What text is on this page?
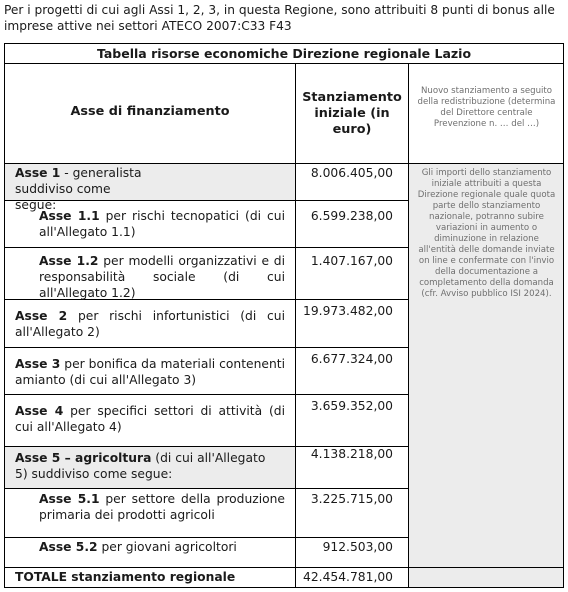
Per i progetti di cui agli Assi 1, 2, 3, in questa Regione, sono attribuiti 8 punti di bonus alle imprese attive nei settori ATECO 2007:C33 F43
Tabella risorse economiche Direzione regionale Lazio
Asse di finanziamento
Stanziamento iniziale (in euro)
Nuovo stanziamento a seguito della redistribuzione (determina del Direttore centrale Prevenzione n. … del …)
Gli importi dello stanziamento iniziale attribuiti a questa Direzione regionale quale quota parte dello stanziamento nazionale, potranno subire variazioni in aumento o diminuzione in relazione all'entità delle domande inviate on line e confermate con l'invio della documentazione a completamento della domanda (cfr. Avviso pubblico ISI 2024).
Asse 1 - generalista suddiviso come segue:
8.006.405,00
Asse 1.1 per rischi tecnopatici (di cui all'Allegato 1.1)
6.599.238,00
Asse 1.2 per modelli organizzativi e di responsabilità sociale (di cui all'Allegato 1.2)
1.407.167,00
Asse 2 per rischi infortunistici (di cui all'Allegato 2)
19.973.482,00
Asse 3 per bonifica da materiali contenenti amianto (di cui all'Allegato 3)
6.677.324,00
Asse 4 per specifici settori di attività (di cui all'Allegato 4)
3.659.352,00
Asse 5 – agricoltura (di cui all'Allegato 5) suddiviso come segue:
4.138.218,00
Asse 5.1 per settore della produzione primaria dei prodotti agricoli
3.225.715,00
Asse 5.2 per giovani agricoltori	912.503,00
TOTALE stanziamento regionale	42.454.781,00
